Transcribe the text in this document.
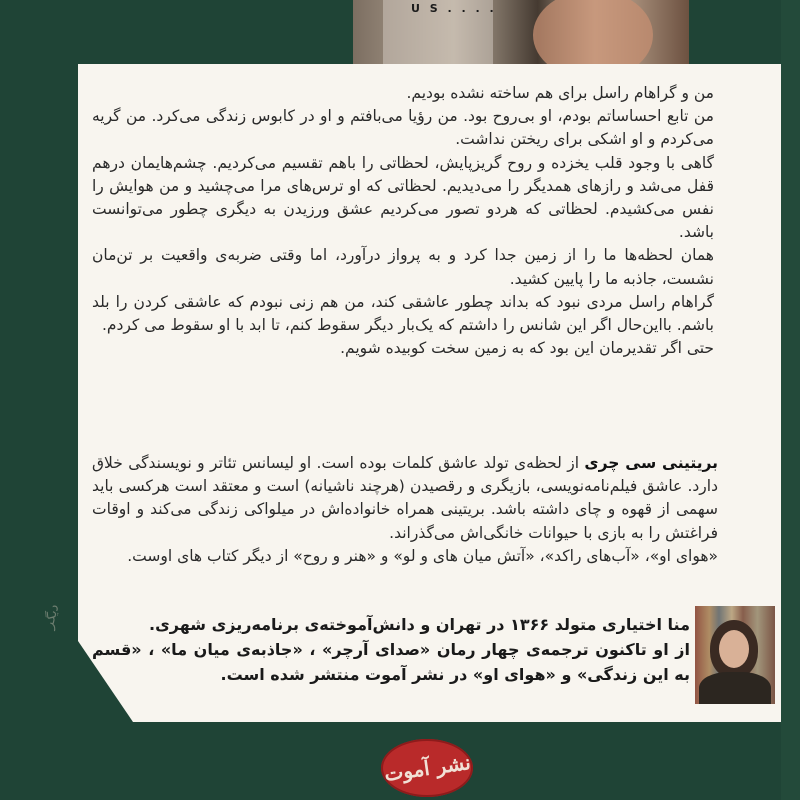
U S . . . .

من و گراهام راسل برای هم ساخته نشده بودیم.

من تابع احساساتم بودم، او بی‌روح بود. من رؤیا می‌بافتم و او در کابوس زندگی می‌کرد. من گریه می‌کردم و او اشکی برای ریختن نداشت.

گاهی با وجود قلب یخزده و روح گریزپایش، لحظاتی را باهم تقسیم می‌کردیم. چشم‌هایمان درهم قفل می‌شد و رازهای همدیگر را می‌دیدیم. لحظاتی که او ترس‌های مرا می‌چشید و من هوایش را نفس می‌کشیدم. لحظاتی که هردو تصور می‌کردیم عشق ورزیدن به دیگری چطور می‌توانست باشد.

همان لحظه‌ها ما را از زمین جدا کرد و به پرواز درآورد، اما وقتی ضربه‌ی واقعیت بر تن‌مان نشست، جاذبه ما را پایین کشید.

گراهام راسل مردی نبود که بداند چطور عاشقی کند، من هم زنی نبودم که عاشقی کردن را بلد باشم. بااین‌حال اگر این شانس را داشتم که یک‌بار دیگر سقوط کنم، تا ابد با او سقوط می کردم.

حتی اگر تقدیرمان این بود که به زمین سخت کوبیده شویم.

بریتینی سی چری از لحظه‌ی تولد عاشق کلمات بوده است. او لیسانس تئاتر و نویسندگی خلاق دارد. عاشق فیلم‌نامه‌نویسی، بازیگری و رقصیدن (هرچند ناشیانه) است و معتقد است هرکسی باید سهمی از قهوه و چای داشته باشد. بریتینی همراه خانواده‌اش در میلواکی زندگی می‌کند و اوقات فراغتش را به بازی با حیوانات خانگی‌اش می‌گذراند.

«هوای او»، «آب‌های راکد»، «آتش میان های و لو» و «هنر و روح» از دیگر کتاب های اوست.

ديگر	منا اختیاری متولد ۱۳۶۶ در تهران و دانش‌آموخته‌ی برنامه‌ریزی شهری.

از او تاکنون ترجمه‌ی چهار رمان «صدای آرچر» ، «جاذبه‌ی میان ما» ، «قسم به این زندگی» و «هوای او» در نشر آموت منتشر شده است.

نشر آموت
